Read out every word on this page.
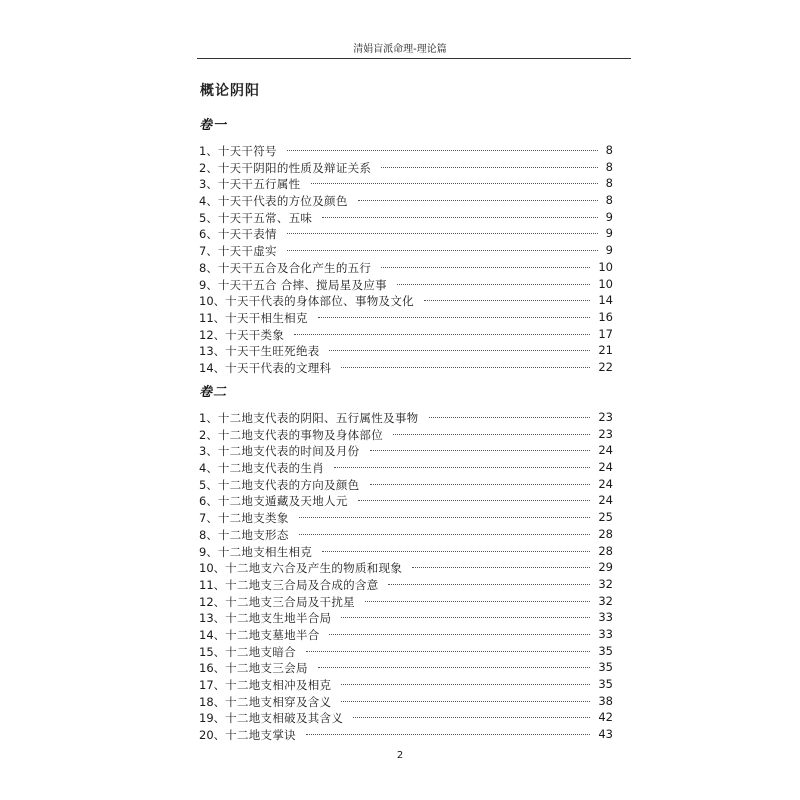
清娟盲派命理-理论篇
概论阴阳
卷一
1、十天干符号	8
2、十天干阴阳的性质及辩证关系	8
3、十天干五行属性	8
4、十天干代表的方位及颜色	8
5、十天干五常、五味	9
6、十天干表情	9
7、十天干虚实	9
8、十天干五合及合化产生的五行	10
9、十天干五合 合摔、搅局星及应事	10
10、十天干代表的身体部位、事物及文化	14
11、十天干相生相克	16
12、十天干类象	17
13、十天干生旺死绝表	21
14、十天干代表的文理科	22
卷二
1、十二地支代表的阴阳、五行属性及事物	23
2、十二地支代表的事物及身体部位	23
3、十二地支代表的时间及月份	24
4、十二地支代表的生肖	24
5、十二地支代表的方向及颜色	24
6、十二地支遁藏及天地人元	24
7、十二地支类象	25
8、十二地支形态	28
9、十二地支相生相克	28
10、十二地支六合及产生的物质和现象	29
11、十二地支三合局及合成的含意	32
12、十二地支三合局及干扰星	32
13、十二地支生地半合局	33
14、十二地支墓地半合	33
15、十二地支暗合	35
16、十二地支三会局	35
17、十二地支相冲及相克	35
18、十二地支相穿及含义	38
19、十二地支相破及其含义	42
20、十二地支掌诀	43
2
